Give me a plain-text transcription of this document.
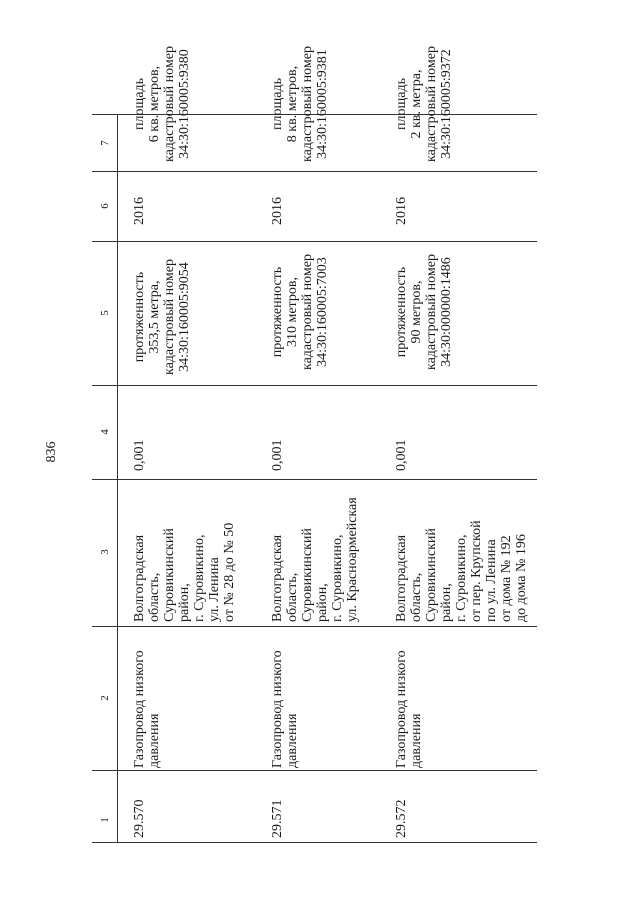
836
1
2
3
4
5
6
7
29.570
Газопровод низкого давления
Волгоградская область, Суровикинский район, г. Суровикино, ул. Ленина от № 28 до № 50
0,001
протяженность 353,5 метра, кадастровый номер 34:30:160005:9054
2016
площадь 6 кв. метров, кадастровый номер 34:30:160005:9380
29.571
Газопровод низкого давления
Волгоградская область, Суровикинский район, г. Суровикино, ул. Красноармейская
0,001
протяженность 310 метров, кадастровый номер 34:30:160005:7003
2016
площадь 8 кв. метров, кадастровый номер 34:30:160005:9381
29.572
Газопровод низкого давления
Волгоградская область, Суровикинский район, г. Суровикино, от пер. Крупской по ул. Ленина от дома № 192 до дома № 196
0,001
протяженность 90 метров, кадастровый номер 34:30:000000:1486
2016
площадь 2 кв. метра, кадастровый номер 34:30:160005:9372
